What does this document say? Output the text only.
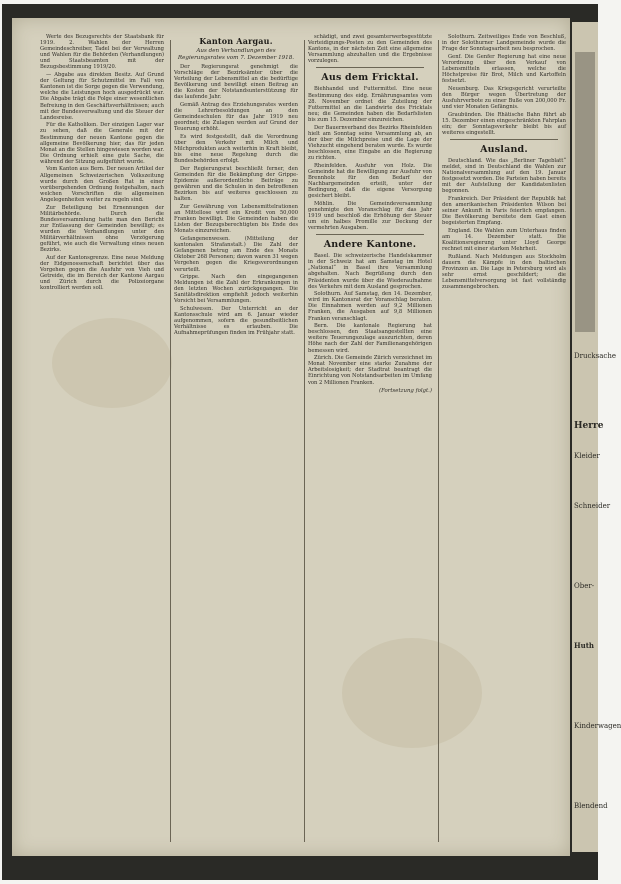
Werte des Bezugsrechts der Staatsbank für 1919. 2. Wahlen der Herren Gemeindeschreiber, Tadel bei der Verwaltung und Wahlen für die Behörden (Verhandlungen) und Staatsbeamten mit der Bezugsbestimmung 1919/20.

— Abgabe aus direkten Besitz. Auf Grund der Geltung für Schutzmittel im Fall von Kantonen ist die Sorge gegen die Verwendung, welche die Leistungen hoch ausgedrückt war. Die Abgabe trägt die Folge einer wesentlichen Befreiung in den Geschäftsverhältnissen; auch mit der Bundesverwaltung und die Steuer der Landesreise.

Für die Katholiken. Der einzigen Lager war zu sehen, daß die Generale mit der Bestimmung der neuen Kantone gegen die allgemeine Bevölkerung hier, das für jeden Monat an die Stellen hingewiesen worden war. Die Ordnung erhielt eine gute Sache, die während der Sitzung aufgeführt wurde.

Vom Kanton aus Bern. Der neuen Artikel der Allgemeinen Schweizerischen Volkszeitung wurde durch den Großen Rat in einer vorübergehenden Ordnung festgehalten, nach welchen Vorschriften die allgemeinen Angelegenheiten weiter zu regeln sind.

Zur Beteiligung bei Ernennungen der Militärbehörde. Durch die Bundesversammlung hatte man den Bericht zur Entlassung der Gemeinden bewilligt; es wurden die Verhandlungen unter den Militärverhältnissen ohne Verzögerung geführt, wie auch die Verwaltung eines neuen Bezirks.

Auf der Kantonsgrenze. Eine neue Meldung der Eidgenossenschaft berichtet über das Vorgehen gegen die Ausfuhr von Vieh und Getreide, die im Bereich der Kantone Aargau und Zürich durch die Polizeiorgane kontrolliert werden soll.

Kanton Aargau.
Aus den Verhandlungen des Regierungsrates vom 7. Dezember 1918.

Der Regierungsrat genehmigt die Vorschläge der Bezirksämter über die Verteilung der Lebensmittel an die bedürftige Bevölkerung und bewilligt einen Beitrag an die Kosten der Notstandsunterstützung für das laufende Jahr.

Gemäß Antrag des Erziehungsrates werden die Lehrerbesoldungen an den Gemeindeschulen für das Jahr 1919 neu geordnet; die Zulagen werden auf Grund der Teuerung erhöht.

Es wird festgestellt, daß die Verordnung über den Verkehr mit Milch und Milchprodukten auch weiterhin in Kraft bleibt, bis eine neue Regelung durch die Bundesbehörden erfolgt.

Der Regierungsrat beschließt ferner, den Gemeinden für die Bekämpfung der Grippe-Epidemie außerordentliche Beiträge zu gewähren und die Schulen in den betroffenen Bezirken bis auf weiteres geschlossen zu halten.

Zur Gewährung von Lebensmittelrationen an Mittellose wird ein Kredit von 50,000 Franken bewilligt. Die Gemeinden haben die Listen der Bezugsberechtigten bis Ende des Monats einzureichen.

Gefangenenwesen. (Mitteilung der kantonalen Strafanstalt.) Die Zahl der Gefangenen betrug am Ende des Monats Oktober 268 Personen; davon waren 31 wegen Vergehen gegen die Kriegsverordnungen verurteilt.

Grippe. Nach den eingegangenen Meldungen ist die Zahl der Erkrankungen in den letzten Wochen zurückgegangen. Die Sanitätsdirektion empfiehlt jedoch weiterhin Vorsicht bei Versammlungen.

Schulwesen. Der Unterricht an der Kantonsschule wird am 6. Januar wieder aufgenommen, sofern die gesundheitlichen Verhältnisse es erlauben. Die Aufnahmeprüfungen finden im Frühjahr statt.

schädigt, und zwei gesamterwerbsgestützte Verteidigungs-Posten zu den Gemeinden des Kantons, in der nächsten Zeit eine allgemeine Versammlung abzuhalten und die Ergebnisse vorzulegen.

Aus dem Fricktal.

Biehhandel und Futtermittel. Eine neue Bestimmung des eidg. Ernährungsamtes vom 28. November ordnet die Zuteilung der Futtermittel an die Landwirte des Fricktals neu; die Gemeinden haben die Bedarfslisten bis zum 15. Dezember einzureichen.

Der Bauernverband des Bezirks Rheinfelden hielt am Sonntag seine Versammlung ab, an der über die Milchpreise und die Lage der Viehzucht eingehend beraten wurde. Es wurde beschlossen, eine Eingabe an die Regierung zu richten.

Rheinfelden. Ausfuhr von Holz. Die Gemeinde hat die Bewilligung zur Ausfuhr von Brennholz für den Bedarf der Nachbargemeinden erteilt, unter der Bedingung, daß die eigene Versorgung gesichert bleibt.

Möhlin. Die Gemeindeversammlung genehmigte den Voranschlag für das Jahr 1919 und beschloß die Erhöhung der Steuer um ein halbes Promille zur Deckung der vermehrten Ausgaben.

Andere Kantone.

Basel. Die schweizerische Handelskammer in der Schweiz hat am Samstag im Hotel „National“ in Basel ihre Versammlung abgehalten. Nach Begrüßung durch den Präsidenten wurde über die Wiederaufnahme des Verkehrs mit dem Ausland gesprochen.

Solothurn. Auf Samstag, den 14. Dezember, wird im Kantonsrat der Voranschlag beraten. Die Einnahmen werden auf 9,2 Millionen Franken, die Ausgaben auf 9,8 Millionen Franken veranschlagt.

Bern. Die kantonale Regierung hat beschlossen, den Staatsangestellten eine weitere Teuerungszulage auszurichten, deren Höhe nach der Zahl der Familienangehörigen bemessen wird.

Zürich. Die Gemeinde Zürich verzeichnet im Monat November eine starke Zunahme der Arbeitslosigkeit; der Stadtrat beantragt die Einrichtung von Notstandsarbeiten im Umfang von 2 Millionen Franken.

(Fortsetzung folgt.)

Solothurn. Zeitweiliges Ende von Beschluß, in der Solothurner Landgemeinde wurde die Frage der Sonntagsarbeit neu besprochen.

Genf. Die Genfer Regierung hat eine neue Verordnung über den Verkauf von Lebensmitteln erlassen, welche die Höchstpreise für Brot, Milch und Kartoffeln festsetzt.

Neuenburg. Das Kriegsgericht verurteilte den Bürger wegen Übertretung der Ausfuhrverbote zu einer Buße von 200,000 Fr. und vier Monaten Gefängnis.

Graubünden. Die Rhätische Bahn führt ab 15. Dezember einen eingeschränkten Fahrplan ein; der Sonntagsverkehr bleibt bis auf weiteres eingestellt.

Ausland.

Deutschland. Wie das „Berliner Tageblatt“ meldet, sind in Deutschland die Wahlen zur Nationalversammlung auf den 19. Januar festgesetzt worden. Die Parteien haben bereits mit der Aufstellung der Kandidatenlisten begonnen.

Frankreich. Der Präsident der Republik hat den amerikanischen Präsidenten Wilson bei seiner Ankunft in Paris feierlich empfangen. Die Bevölkerung bereitete dem Gast einen begeisterten Empfang.

England. Die Wahlen zum Unterhaus finden am 14. Dezember statt. Die Koalitionsregierung unter Lloyd George rechnet mit einer starken Mehrheit.

Rußland. Nach Meldungen aus Stockholm dauern die Kämpfe in den baltischen Provinzen an. Die Lage in Petersburg wird als sehr ernst geschildert; die Lebensmittelversorgung ist fast vollständig zusammengebrochen.

Drucksache
Herre
Kleider
Schneider
Ober-
Huth
Kinderwagen
Blendend
